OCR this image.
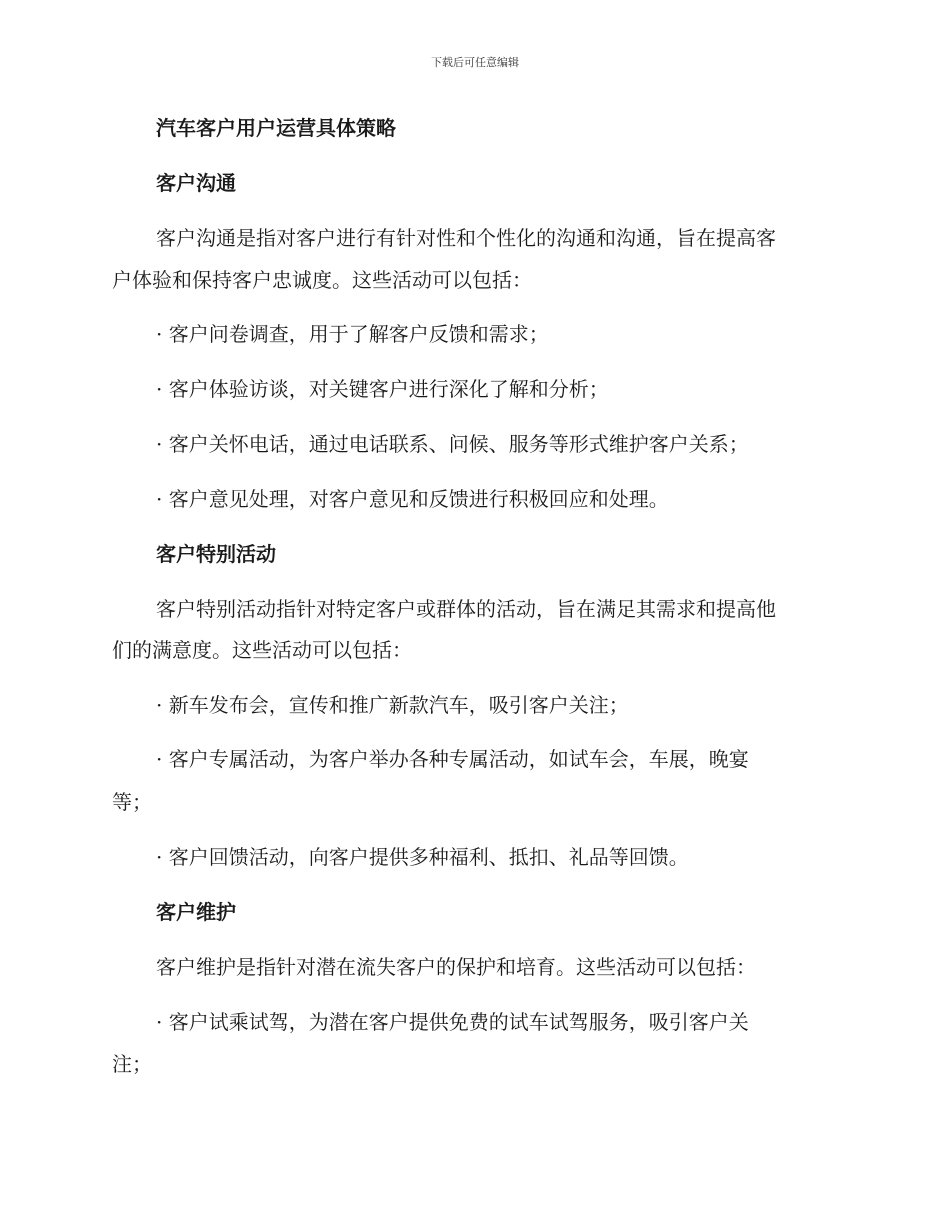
下载后可任意编辑
汽车客户用户运营具体策略
客户沟通
客户沟通是指对客户进行有针对性和个性化的沟通和沟通，旨在提高客
户体验和保持客户忠诚度。这些活动可以包括：
· 客户问卷调查，用于了解客户反馈和需求；
· 客户体验访谈，对关键客户进行深化了解和分析；
· 客户关怀电话，通过电话联系、问候、服务等形式维护客户关系；
· 客户意见处理，对客户意见和反馈进行积极回应和处理。
客户特别活动
客户特别活动指针对特定客户或群体的活动，旨在满足其需求和提高他
们的满意度。这些活动可以包括：
· 新车发布会，宣传和推广新款汽车，吸引客户关注；
· 客户专属活动，为客户举办各种专属活动，如试车会，车展，晚宴
等；
· 客户回馈活动，向客户提供多种福利、抵扣、礼品等回馈。
客户维护
客户维护是指针对潜在流失客户的保护和培育。这些活动可以包括：
· 客户试乘试驾，为潜在客户提供免费的试车试驾服务，吸引客户关
注；
